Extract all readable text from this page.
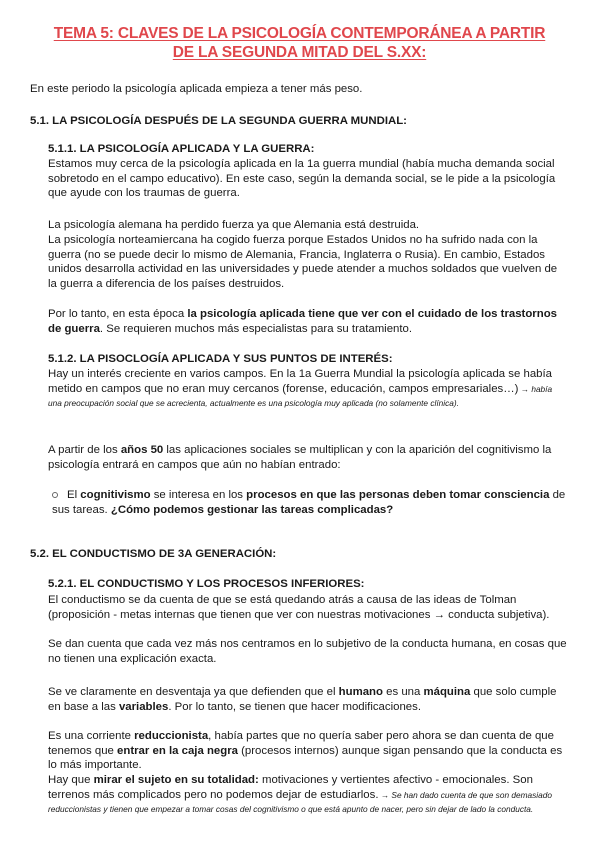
TEMA 5: CLAVES DE LA PSICOLOGÍA CONTEMPORÁNEA A PARTIR
DE LA SEGUNDA MITAD DEL S.XX:
En este periodo la psicología aplicada empieza a tener más peso.
5.1. LA PSICOLOGÍA DESPUÉS DE LA SEGUNDA GUERRA MUNDIAL:
5.1.1. LA PSICOLOGÍA APLICADA Y LA GUERRA:
Estamos muy cerca de la psicología aplicada en la 1a guerra mundial (había mucha demanda social sobretodo en el campo educativo). En este caso, según la demanda social, se le pide a la psicología que ayude con los traumas de guerra.
La psicología alemana ha perdido fuerza ya que Alemania está destruida.
La psicología norteamiercana ha cogido fuerza porque Estados Unidos no ha sufrido nada con la guerra (no se puede decir lo mismo de Alemania, Francia, Inglaterra o Rusia). En cambio, Estados unidos desarrolla actividad en las universidades y puede atender a muchos soldados que vuelven de la guerra a diferencia de los países destruidos.
Por lo tanto, en esta época la psicología aplicada tiene que ver con el cuidado de los trastornos de guerra. Se requieren muchos más especialistas para su tratamiento.
5.1.2. LA PISOCLOGÍA APLICADA Y SUS PUNTOS DE INTERÉS:
Hay un interés creciente en varios campos. En la 1a Guerra Mundial la psicología aplicada se había metido en campos que no eran muy cercanos (forense, educación, campos empresariales…) → había una preocupación social que se acrecienta, actualmente es una psicología muy aplicada (no solamente clínica).
A partir de los años 50 las aplicaciones sociales se multiplican y con la aparición del cognitivismo la psicología entrará en campos que aún no habían entrado:
El cognitivismo se interesa en los procesos en que las personas deben tomar consciencia de sus tareas. ¿Cómo podemos gestionar las tareas complicadas?
5.2. EL CONDUCTISMO DE 3A GENERACIÓN:
5.2.1. EL CONDUCTISMO Y LOS PROCESOS INFERIORES:
El conductismo se da cuenta de que se está quedando atrás a causa de las ideas de Tolman (proposición - metas internas que tienen que ver con nuestras motivaciones → conducta subjetiva).
Se dan cuenta que cada vez más nos centramos en lo subjetivo de la conducta humana, en cosas que no tienen una explicación exacta.
Se ve claramente en desventaja ya que defienden que el humano es una máquina que solo cumple en base a las variables. Por lo tanto, se tienen que hacer modificaciones.
Es una corriente reduccionista, había partes que no quería saber pero ahora se dan cuenta de que tenemos que entrar en la caja negra (procesos internos) aunque sigan pensando que la conducta es lo más importante.
Hay que mirar el sujeto en su totalidad: motivaciones y vertientes afectivo - emocionales. Son terrenos más complicados pero no podemos dejar de estudiarlos. → Se han dado cuenta de que son demasiado reduccionistas y tienen que empezar a tomar cosas del cognitivismo o que está apunto de nacer, pero sin dejar de lado la conducta.
